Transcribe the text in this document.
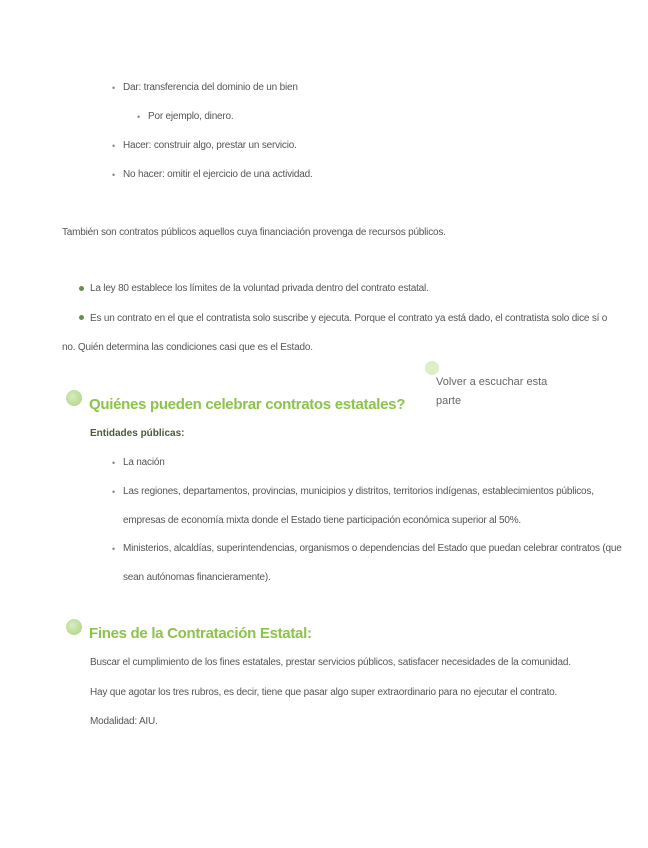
• Dar: transferencia del dominio de un bien
• Por ejemplo, dinero.
• Hacer: construir algo, prestar un servicio.
• No hacer: omitir el ejercicio de una actividad.
También son contratos públicos aquellos cuya financiación provenga de recursos públicos.
La ley 80 establece los límites de la voluntad privada dentro del contrato estatal.
Es un contrato en el que el contratista solo suscribe y ejecuta. Porque el contrato ya está dado, el contratista solo dice sí o
no. Quién determina las condiciones casi que es el Estado.
Volver a escuchar esta parte
Quiénes pueden celebrar contratos estatales?
Entidades públicas:
• La nación
• Las regiones, departamentos, provincias, municipios y distritos, territorios indígenas, establecimientos públicos,
empresas de economía mixta donde el Estado tiene participación económica superior al 50%.
• Ministerios, alcaldías, superintendencias, organismos o dependencias del Estado que puedan celebrar contratos (que
sean autónomas financieramente).
Fines de la Contratación Estatal:
Buscar el cumplimiento de los fines estatales, prestar servicios públicos, satisfacer necesidades de la comunidad.
Hay que agotar los tres rubros, es decir, tiene que pasar algo super extraordinario para no ejecutar el contrato.
Modalidad: AIU.
